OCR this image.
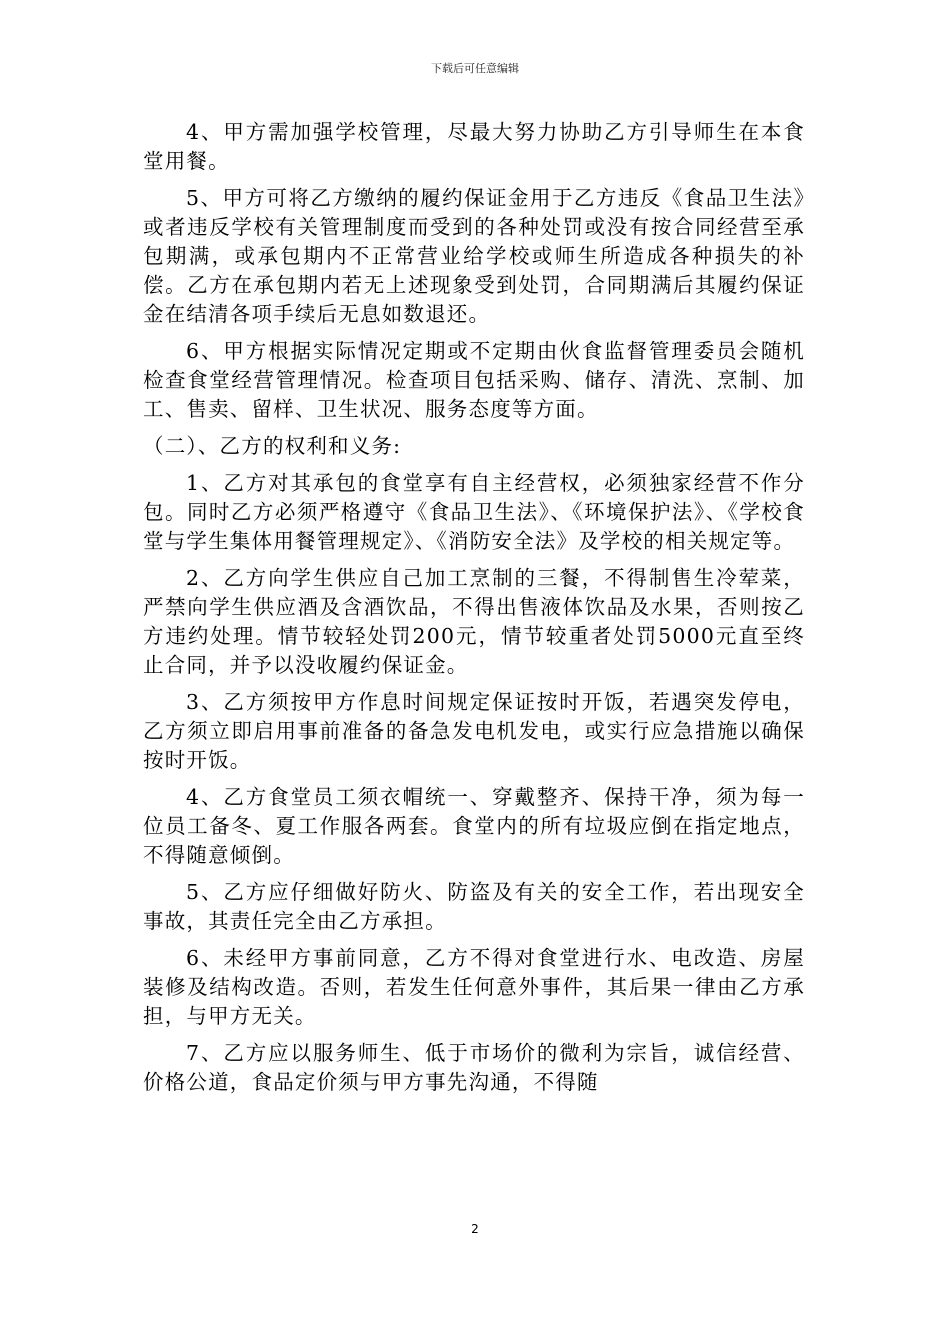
下载后可任意编辑

4、甲方需加强学校管理，尽最大努力协助乙方引导师生在本食堂用餐。

5、甲方可将乙方缴纳的履约保证金用于乙方违反《食品卫生法》或者违反学校有关管理制度而受到的各种处罚或没有按合同经营至承包期满，或承包期内不正常营业给学校或师生所造成各种损失的补偿。乙方在承包期内若无上述现象受到处罚，合同期满后其履约保证金在结清各项手续后无息如数退还。

6、甲方根据实际情况定期或不定期由伙食监督管理委员会随机检查食堂经营管理情况。检查项目包括采购、储存、清洗、烹制、加工、售卖、留样、卫生状况、服务态度等方面。

（二）、乙方的权利和义务:

1、乙方对其承包的食堂享有自主经营权，必须独家经营不作分包。同时乙方必须严格遵守《食品卫生法》、《环境保护法》、《学校食堂与学生集体用餐管理规定》、《消防安全法》及学校的相关规定等。

2、乙方向学生供应自己加工烹制的三餐，不得制售生冷荤菜，严禁向学生供应酒及含酒饮品，不得出售液体饮品及水果，否则按乙方违约处理。情节较轻处罚200元，情节较重者处罚5000元直至终止合同，并予以没收履约保证金。

3、乙方须按甲方作息时间规定保证按时开饭，若遇突发停电，乙方须立即启用事前准备的备急发电机发电，或实行应急措施以确保按时开饭。

4、乙方食堂员工须衣帽统一、穿戴整齐、保持干净，须为每一位员工备冬、夏工作服各两套。食堂内的所有垃圾应倒在指定地点，不得随意倾倒。

5、乙方应仔细做好防火、防盗及有关的安全工作，若出现安全事故，其责任完全由乙方承担。

6、未经甲方事前同意，乙方不得对食堂进行水、电改造、房屋装修及结构改造。否则，若发生任何意外事件，其后果一律由乙方承担，与甲方无关。

7、乙方应以服务师生、低于市场价的微利为宗旨，诚信经营、价格公道，食品定价须与甲方事先沟通，不得随

2
